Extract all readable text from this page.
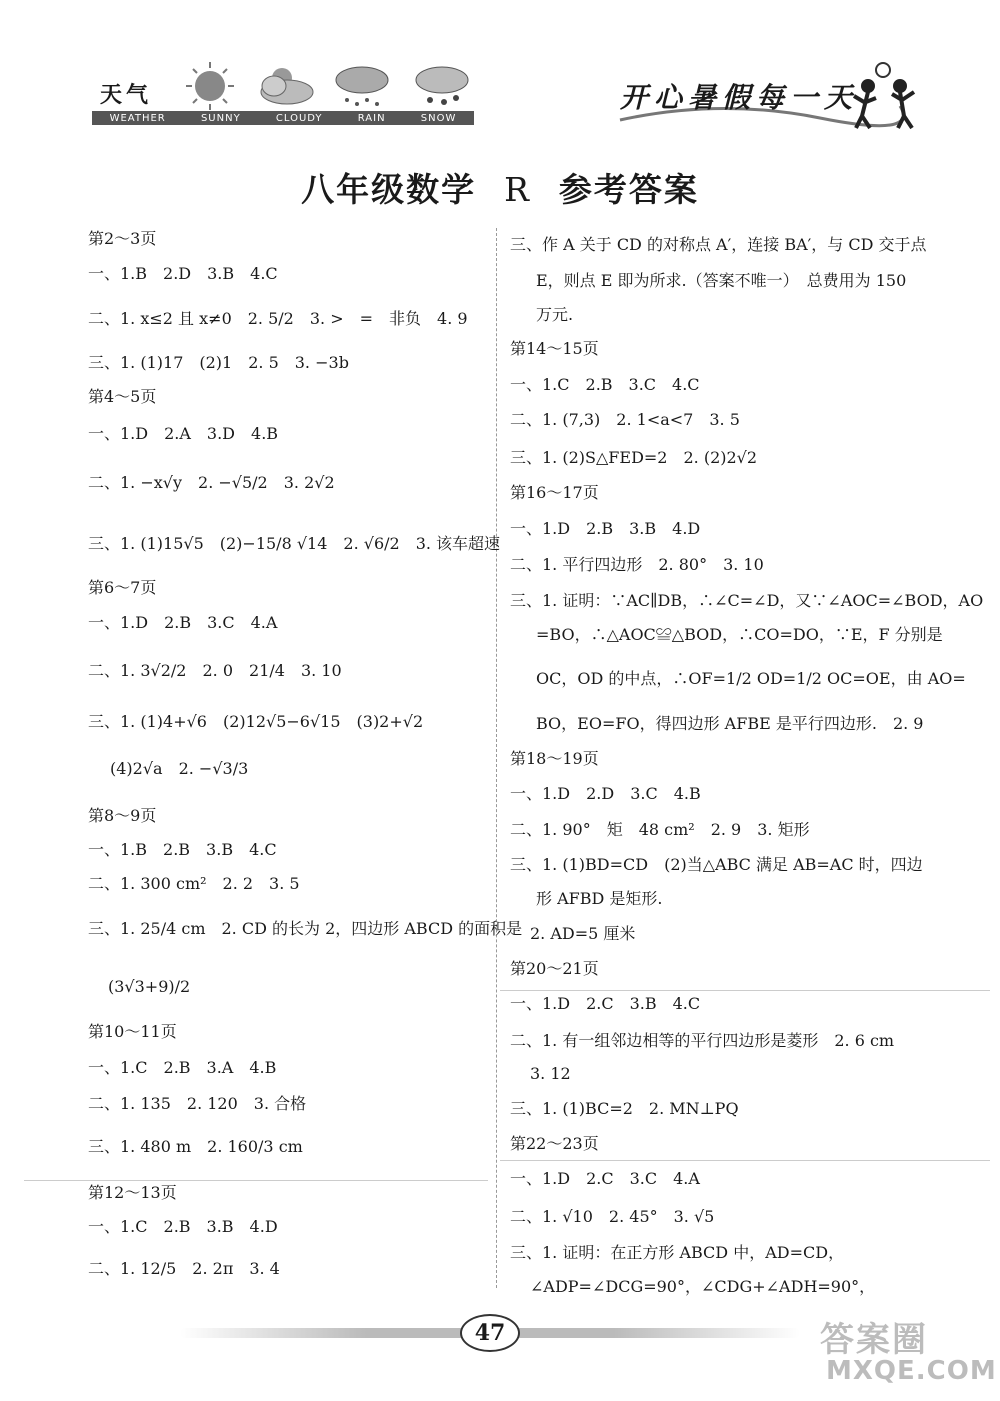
天气
WEATHER	SUNNY	CLOUDY	RAIN	SNOW
开心暑假每一天
八年级数学 R 参考答案
第2～3页
一、1.B　2.D　3.B　4.C
二、1. x≤2 且 x≠0　2. 5/2　3. >　=　非负　4. 9
三、1. (1)17　(2)1　2. 5　3. −3b
第4～5页
一、1.D　2.A　3.D　4.B
二、1. −x√y　2. −√5/2　3. 2√2
三、1. (1)15√5　(2)−15/8 √14　2. √6/2　3. 该车超速
第6～7页
一、1.D　2.B　3.C　4.A
二、1. 3√2/2　2. 0　21/4　3. 10
三、1. (1)4+√6　(2)12√5−6√15　(3)2+√2
(4)2√a　2. −√3/3
第8～9页
一、1.B　2.B　3.B　4.C
二、1. 300 cm²　2. 2　3. 5
三、1. 25/4 cm　2. CD 的长为 2，四边形 ABCD 的面积是
(3√3+9)/2
第10～11页
一、1.C　2.B　3.A　4.B
二、1. 135　2. 120　3. 合格
三、1. 480 m　2. 160/3 cm
第12～13页
一、1.C　2.B　3.B　4.D
二、1. 12/5　2. 2π　3. 4
三、作 A 关于 CD 的对称点 A′，连接 BA′，与 CD 交于点
E，则点 E 即为所求.（答案不唯一）　总费用为 150
万元.
第14～15页
一、1.C　2.B　3.C　4.C
二、1. (7,3)　2. 1<a<7　3. 5
三、1. (2)S△FED=2　2. (2)2√2
第16～17页
一、1.D　2.B　3.B　4.D
二、1. 平行四边形　2. 80°　3. 10
三、1. 证明：∵AC∥DB，∴∠C=∠D，又∵∠AOC=∠BOD，AO
=BO，∴△AOC≌△BOD，∴CO=DO，∵E，F 分别是
OC，OD 的中点，∴OF=1/2 OD=1/2 OC=OE，由 AO=
BO，EO=FO，得四边形 AFBE 是平行四边形.　2. 9
第18～19页
一、1.D　2.D　3.C　4.B
二、1. 90°　矩　48 cm²　2. 9　3. 矩形
三、1. (1)BD=CD　(2)当△ABC 满足 AB=AC 时，四边
形 AFBD 是矩形.
2. AD=5 厘米
第20～21页
一、1.D　2.C　3.B　4.C
二、1. 有一组邻边相等的平行四边形是菱形　2. 6 cm
3. 12
三、1. (1)BC=2　2. MN⊥PQ
第22～23页
一、1.D　2.C　3.C　4.A
二、1. √10　2. 45°　3. √5
三、1. 证明：在正方形 ABCD 中，AD=CD，
∠ADP=∠DCG=90°，∠CDG+∠ADH=90°，
47	答案圈
MXQE.COM
